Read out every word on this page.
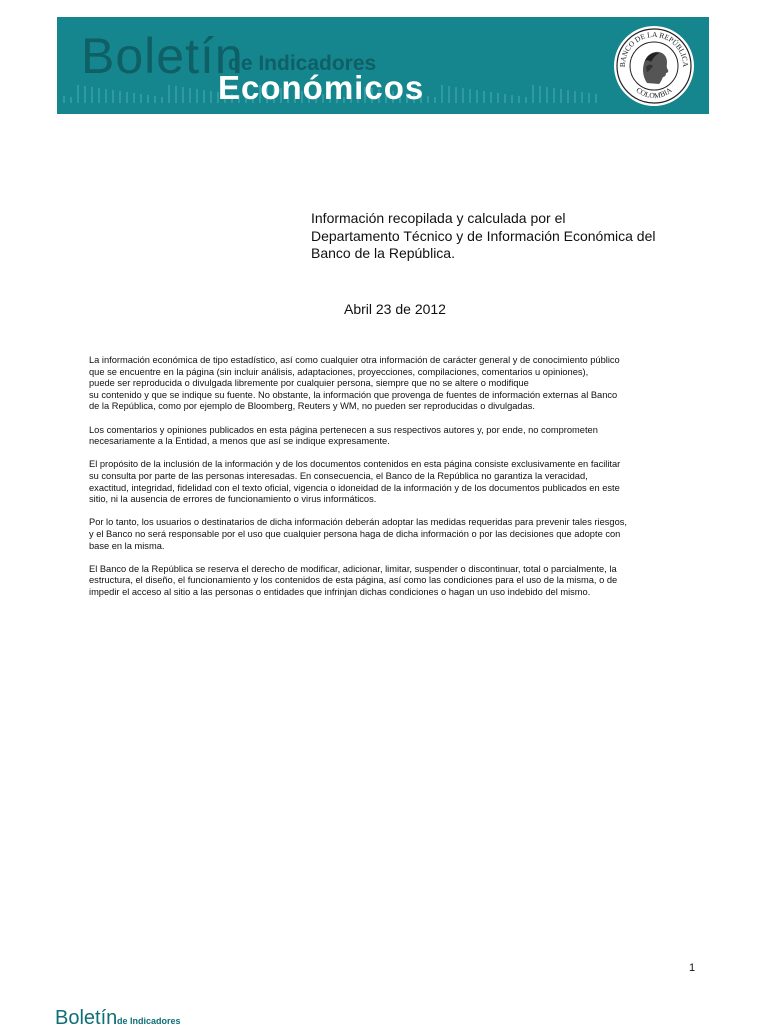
Boletín
de Indicadores
Económicos
BANCO DE LA REPÚBLICA
COLOMBIA
Información recopilada y calculada por el
Departamento Técnico y de Información Económica del
Banco de la República.
Abril 23 de 2012

La información económica de tipo estadístico, así como cualquier otra información de carácter general y de conocimiento público
que se encuentre en la página (sin incluir análisis, adaptaciones, proyecciones, compilaciones, comentarios u opiniones),
puede ser reproducida o divulgada libremente por cualquier persona, siempre que no se altere o modifique
su contenido y que se indique su fuente. No obstante, la información que provenga de fuentes de información externas al Banco
de la República, como por ejemplo de Bloomberg, Reuters y WM, no pueden ser reproducidas o divulgadas.

Los comentarios y opiniones publicados en esta página pertenecen a sus respectivos autores y, por ende, no comprometen
necesariamente a la Entidad, a menos que así se indique expresamente.

El propósito de la inclusión de la información y de los documentos contenidos en esta página consiste exclusivamente en facilitar
su consulta por parte de las personas interesadas. En consecuencia, el Banco de la República no garantiza la veracidad,
exactitud, integridad, fidelidad con el texto oficial, vigencia o idoneidad de la información y de los documentos publicados en este
sitio, ni la ausencia de errores de funcionamiento o virus informáticos.

Por lo tanto, los usuarios o destinatarios de dicha información deberán adoptar las medidas requeridas para prevenir tales riesgos,
y el Banco no será responsable por el uso que cualquier persona haga de dicha información o por las decisiones que adopte con
base en la misma.

El Banco de la República se reserva el derecho de modificar, adicionar, limitar, suspender o discontinuar, total o parcialmente, la
estructura, el diseño, el funcionamiento y los contenidos de esta página, así como las condiciones para el uso de la misma, o de
impedir el acceso al sitio a las personas o entidades que infrinjan dichas condiciones o hagan un uso indebido del mismo.

1
Boletín de Indicadores
